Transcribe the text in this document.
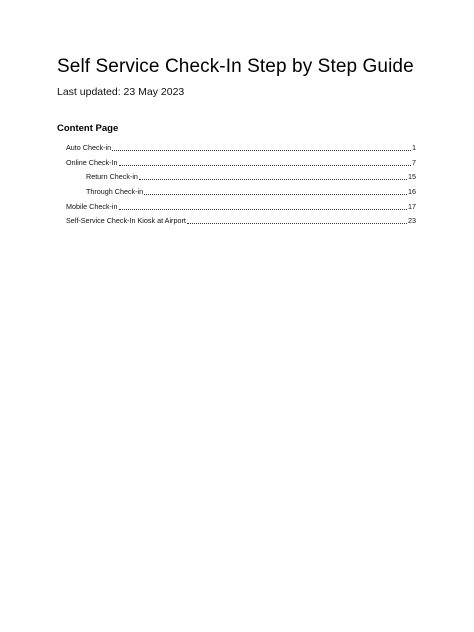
Self Service Check-In Step by Step Guide
Last updated: 23 May 2023
Content Page
Auto Check-in	1
Online Check-In	7
Return Check-in	15
Through Check-in	16
Mobile Check-in	17
Self-Service Check-In Kiosk at Airport	23
